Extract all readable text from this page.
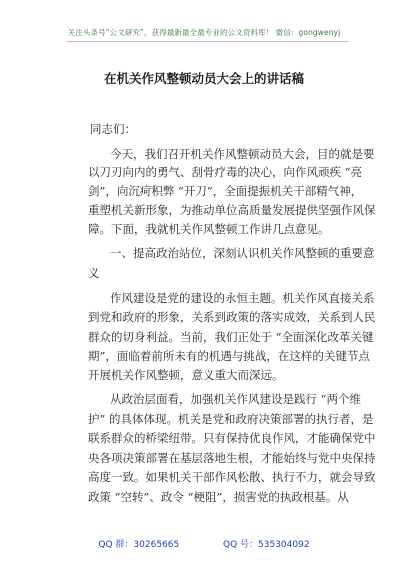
关注头条号“公文研究”，获得最新最全最专业的公文资料库！ 微信：gongwenyj
在机关作风整顿动员大会上的讲话稿
同志们：
今天，我们召开机关作风整顿动员大会，目的就是要
以刀刃向内的勇气、刮骨疗毒的决心，向作风顽疾 “亮
剑”，向沉疴积弊 “开刀”，全面提振机关干部精气神，
重塑机关新形象，为推动单位高质量发展提供坚强作风保
障。下面，我就机关作风整顿工作讲几点意见。
一、提高政治站位，深刻认识机关作风整顿的重要意
义
作风建设是党的建设的永恒主题。机关作风直接关系
到党和政府的形象，关系到政策的落实成效，关系到人民
群众的切身利益。当前，我们正处于 “全面深化改革关键
期”，面临着前所未有的机遇与挑战，在这样的关键节点
开展机关作风整顿，意义重大而深远。
从政治层面看，加强机关作风建设是践行 “两个维
护” 的具体体现。机关是党和政府决策部署的执行者，是
联系群众的桥梁纽带。只有保持优良作风，才能确保党中
央各项决策部署在基层落地生根，才能始终与党中央保持
高度一致。如果机关干部作风松散、执行不力，就会导致
政策 “空转”、政令 “梗阻”，损害党的执政根基。从
QQ 群：30265665	QQ 号：535304092
